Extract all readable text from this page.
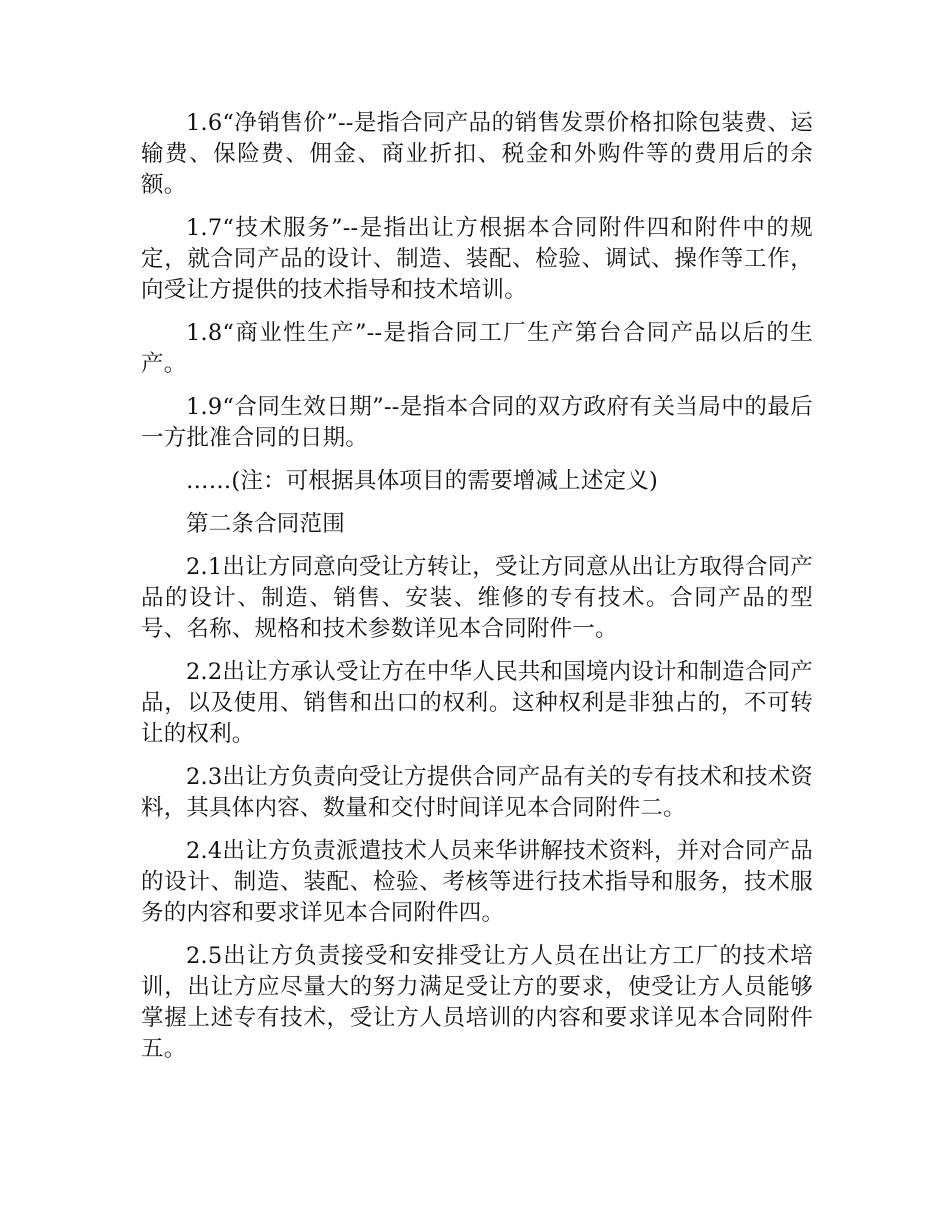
1.6“净销售价”--是指合同产品的销售发票价格扣除包装费、运输费、保险费、佣金、商业折扣、税金和外购件等的费用后的余额。

1.7“技术服务”--是指出让方根据本合同附件四和附件中的规定，就合同产品的设计、制造、装配、检验、调试、操作等工作，向受让方提供的技术指导和技术培训。

1.8“商业性生产”--是指合同工厂生产第台合同产品以后的生产。

1.9“合同生效日期”--是指本合同的双方政府有关当局中的最后一方批准合同的日期。

……(注：可根据具体项目的需要增减上述定义)

第二条合同范围

2.1出让方同意向受让方转让，受让方同意从出让方取得合同产品的设计、制造、销售、安装、维修的专有技术。合同产品的型号、名称、规格和技术参数详见本合同附件一。

2.2出让方承认受让方在中华人民共和国境内设计和制造合同产品，以及使用、销售和出口的权利。这种权利是非独占的，不可转让的权利。

2.3出让方负责向受让方提供合同产品有关的专有技术和技术资料，其具体内容、数量和交付时间详见本合同附件二。

2.4出让方负责派遣技术人员来华讲解技术资料，并对合同产品的设计、制造、装配、检验、考核等进行技术指导和服务，技术服务的内容和要求详见本合同附件四。

2.5出让方负责接受和安排受让方人员在出让方工厂的技术培训，出让方应尽量大的努力满足受让方的要求，使受让方人员能够掌握上述专有技术，受让方人员培训的内容和要求详见本合同附件五。
